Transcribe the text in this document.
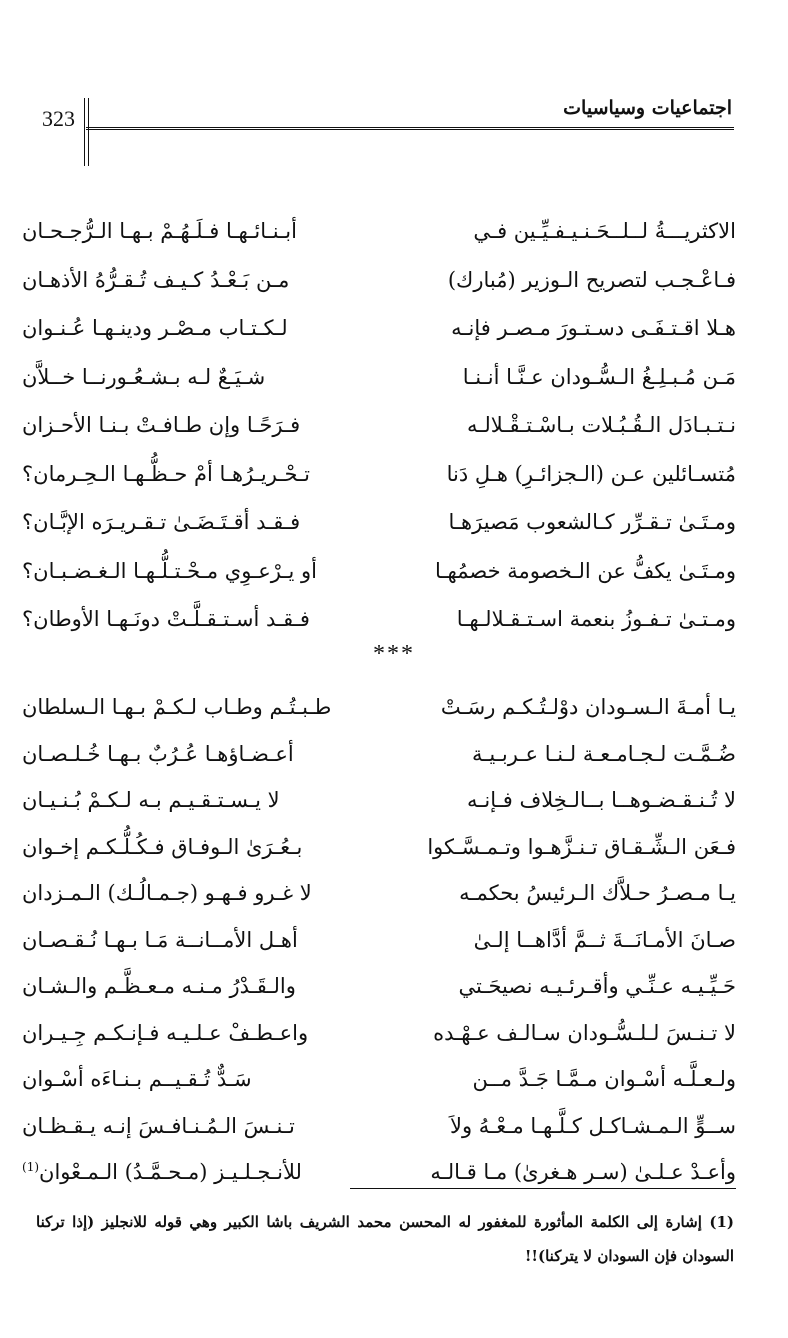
اجتماعيات وسياسيات
323
الاكثريـــةُ لــلــحَـنـيـفـيِّـين فـي
أبـنـائـهـا فـلَـهُـمْ بـهـا الـرُّجـحـان
فـاعْـجـب لتصريح الـوزير (مُبارك)
مـن بَـعْـدُ كـيـف تُـقـرُّهُ الأذهـان
هـلا اقـتـفَـى دسـتـورَ مـصـر فإنـه
لـكـتـاب مـصْـر ودينـهـا عُـنـوان
مَـن مُـبـلِـغُ الـسُّـودان عـنَّـا أنـنـا
شـيَـعٌ لـه بـشـعُـورنــا خــلاَّن
نـتـبـادَل الـقُـبُـلات بـاسْـتـقْـلالـه
فـرَحًـا وإن طـافـتْ بـنـا الأحـزان
مُتسـائلين عـن (الـجزائـرِ) هـلِ دَنا
تـحْـريـرُهـا أمْ حـظُّـهـا الـحِـرمان؟
ومـتَـىٰ تـقـرِّر كـالشعوب مَصيرَهـا
فـقـد أقـتَـضَـىٰ تـقـريـرَه الإبَّـان؟
ومـتَـىٰ يكفُّ عن الـخصومة خصمُهـا
أو يـرْعـوِي مـحْـتـلُّـهـا الـغـضـبـان؟
ومـتـىٰ تـفـوزُ بنعمة اسـتـقـلالـهـا
فـقـد أسـتـقـلَّـتْ دونَـهـا الأوطان؟
***
يـا أمـةَ الـسـودان دوْلـتُـكـم رسَـتْ
طـبـتُـم وطـاب لـكـمْ بـهـا الـسلطان
ضُـمَّـت لـجـامـعـة لـنـا عـربـيـة
أعـضـاؤهـا عُـرُبٌ بـهـا خُـلـصـان
لا تُـنـقـضـوهــا بــالـخِلاف فـإنـه
لا يـسـتـقـيـم بـه لـكـمْ بُـنـيـان
فـعَن الـشِّـقـاق تـنـزَّهـوا وتـمـسَّـكوا
بـعُـرَىٰ الـوفـاق فـكُـلُّـكـم إخـوان
يـا مـصـرُ حـلاَّك الـرئيسُ بحكمـه
لا غـرو فـهـو (جـمـالُـك) الـمـزدان
صـانَ الأمـانَــةَ ثــمَّ أدَّاهــا إلـىٰ
أهـل الأمــانــة مَـا بـهـا نُـقـصـان
حَـيِّـيـه عـنِّـي وأقـرئـيـه نصيحَـتي
والـقَـدْرُ مـنـه مـعـظَّـم والـشـان
لا تـنـسَ لـلـسُّـودان سـالـف عـهْـده
واعـطـفْ عـلـيـه فـإنـكـم جِـيـران
ولـعـلَّـه أسْـوان مـمَّـا جَـدَّ مــن
سَـدٌّ تُـقـيــم بـنـاءَه أسْـوان
ســوٍّ الـمـشـاكـل كـلَّـهـا مـعْـهُ ولاَ
تـنـسَ الـمُـنـافـسَ إنـه يـقـظـان
وأعـدْ عـلـىٰ (سـر هـغرىٰ) مـا قـالـه
للأنـجـلـيـز (مـحـمَّـدُ) الـمـعْوان$^{(1)}$
(1) إشارة إلى الكلمة المأثورة للمغفور له المحسن محمد الشريف باشا الكبير وهي قوله للانجليز (إذا تركنا السودان فإن السودان لا يتركنا)!!
